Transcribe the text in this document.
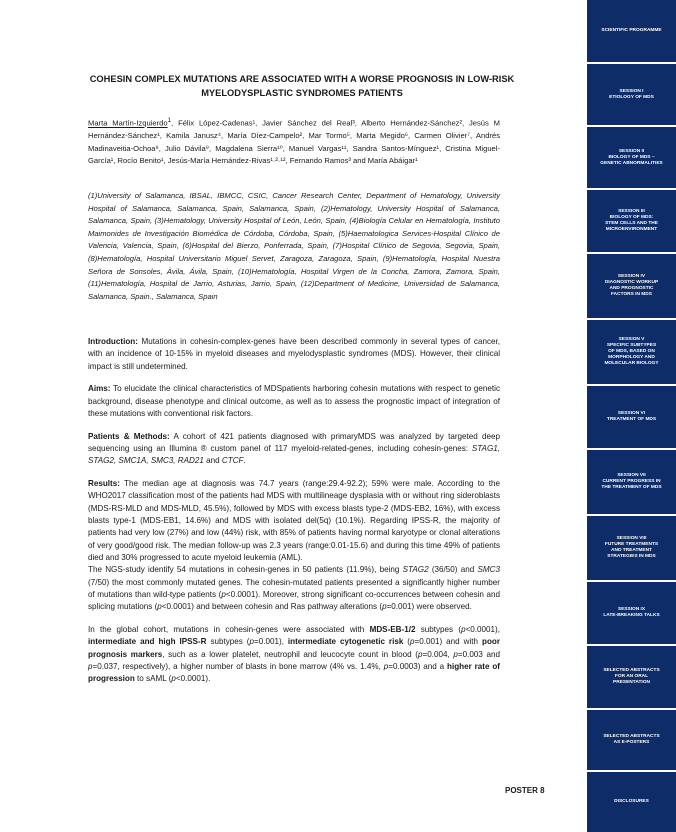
COHESIN COMPLEX MUTATIONS ARE ASSOCIATED WITH A WORSE PROGNOSIS IN LOW-RISK MYELODYSPLASTIC SYNDROMES PATIENTS
Marta Martín-Izquierdo$^1$, Félix López-Cadenas¹, Javier Sánchez del Real³, Alberto Hernández-Sánchez², Jesús M Hernández-Sánchez¹, Kamila Janusz⁴, María Díez-Campelo², Mar Tormo⁵, Marta Megido⁶, Carmen Olivier⁷, Andrés Madinaveitia-Ochoa⁸, Julio Dávila⁹, Magdalena Sierra¹⁰, Manuel Vargas¹¹, Sandra Santos-Mínguez¹, Cristina Miguel-García¹, Rocío Benito¹, Jesús-María Hernández-Rivas¹·²·¹², Fernando Ramos³ and María Abáigar¹
(1)University of Salamanca, IBSAL, IBMCC, CSIC, Cancer Research Center, Department of Hematology, University Hospital of Salamanca, Salamanca, Spain, Salamanca, Spain, (2)Hematology, University Hospital of Salamanca, Salamanca, Spain, (3)Hematology, University Hospital of León, León, Spain, (4)Biología Celular en Hematología, Instituto Maimonides de Investigación Biomédica de Córdoba, Córdoba, Spain, (5)Haematologica Services-Hospital Clínico de Valencia, Valencia, Spain, (6)Hospital del Bierzo, Ponferrada, Spain, (7)Hospital Clínico de Segovia, Segovia, Spain, (8)Hematología, Hospital Universitario Miguel Servet, Zaragoza, Zaragoza, Spain, (9)Hematología, Hospital Nuestra Señora de Sonsoles, Ávila, Ávila, Spain, (10)Hematología, Hospital Virgen de la Concha, Zamora, Zamora, Spain, (11)Hematología, Hospital de Jarrio, Asturias, Jarrio, Spain, (12)Department of Medicine, Universidad de Salamanca, Salamanca, Spain., Salamanca, Spain

Introduction: Mutations in cohesin-complex-genes have been described commonly in several types of cancer, with an incidence of 10-15% in myeloid diseases and myelodysplastic syndromes (MDS). However, their clinical impact is still undetermined.

Aims: To elucidate the clinical characteristics of MDSpatients harboring cohesin mutations with respect to genetic background, disease phenotype and clinical outcome, as well as to assess the prognostic impact of integration of these mutations with conventional risk factors.

Patients & Methods: A cohort of 421 patients diagnosed with primaryMDS was analyzed by targeted deep sequencing using an Illumina ® custom panel of 117 myeloid-related-genes, including cohesin-genes: STAG1, STAG2, SMC1A, SMC3, RAD21 and CTCF.

Results: The median age at diagnosis was 74.7 years (range:29.4-92.2); 59% were male. According to the WHO2017 classification most of the patients had MDS with multilineage dysplasia with or without ring sideroblasts (MDS-RS-MLD and MDS-MLD, 45.5%), followed by MDS with excess blasts type-2 (MDS-EB2, 16%), with excess blasts type-1 (MDS-EB1, 14.6%) and MDS with isolated del(5q) (10.1%). Regarding IPSS-R, the majority of patients had very low (27%) and low (44%) risk, with 85% of patients having normal karyotype or clonal alterations of very good/good risk. The median follow-up was 2.3 years (range:0.01-15.6) and during this time 49% of patients died and 30% progressed to acute myeloid leukemia (AML).
The NGS-study identify 54 mutations in cohesin-genes in 50 patients (11.9%), being STAG2 (36/50) and SMC3 (7/50) the most commonly mutated genes. The cohesin-mutated patients presented a significantly higher number of mutations than wild-type patients (p<0.0001). Moreover, strong significant co-occurrences between cohesin and splicing mutations (p<0.0001) and between cohesin and Ras pathway alterations (p=0.001) were observed.

In the global cohort, mutations in cohesin-genes were associated with MDS-EB-1/2 subtypes (p<0.0001), intermediate and high IPSS-R subtypes (p=0.001), intermediate cytogenetic risk (p=0.001) and with poor prognosis markers, such as a lower platelet, neutrophil and leucocyte count in blood (p=0.004, p=0.003 and p=0.037, respectively), a higher number of blasts in bone marrow (4% vs. 1.4%, p=0.0003) and a higher rate of progression to sAML (p<0.0001).

POSTER 8
SCIENTIFIC PROGRAMME
SESSION I
ETIOLOGY OF MDS
SESSION II
BIOLOGY OF MDS –
GENETIC ABNORMALITIES
SESSION III
BIOLOGY OF MDS:
STEM CELLS AND THE
MICROENVIRONMENT
SESSION IV
DIAGNOSTIC WORKUP
AND PROGNOSTIC
FACTORS IN MDS
SESSION V
SPECIFIC SUBTYPES
OF MDS, BASED ON
MORPHOLOGY AND
MOLECULAR BIOLOGY
SESSION VI
TREATMENT OF MDS
SESSION VII
CURRENT PROGRESS IN
THE TREATMENT OF MDS
SESSION VIII
FUTURE TREATMENTS
AND TREATMENT
STRATEGIES IN MDS
SESSION IX
LATE-BREAKING TALKS
SELECTED ABSTRACTS
FOR AN ORAL
PRESENTATION
SELECTED ABSTRACTS
AS E-POSTERS
DISCLOSURES
